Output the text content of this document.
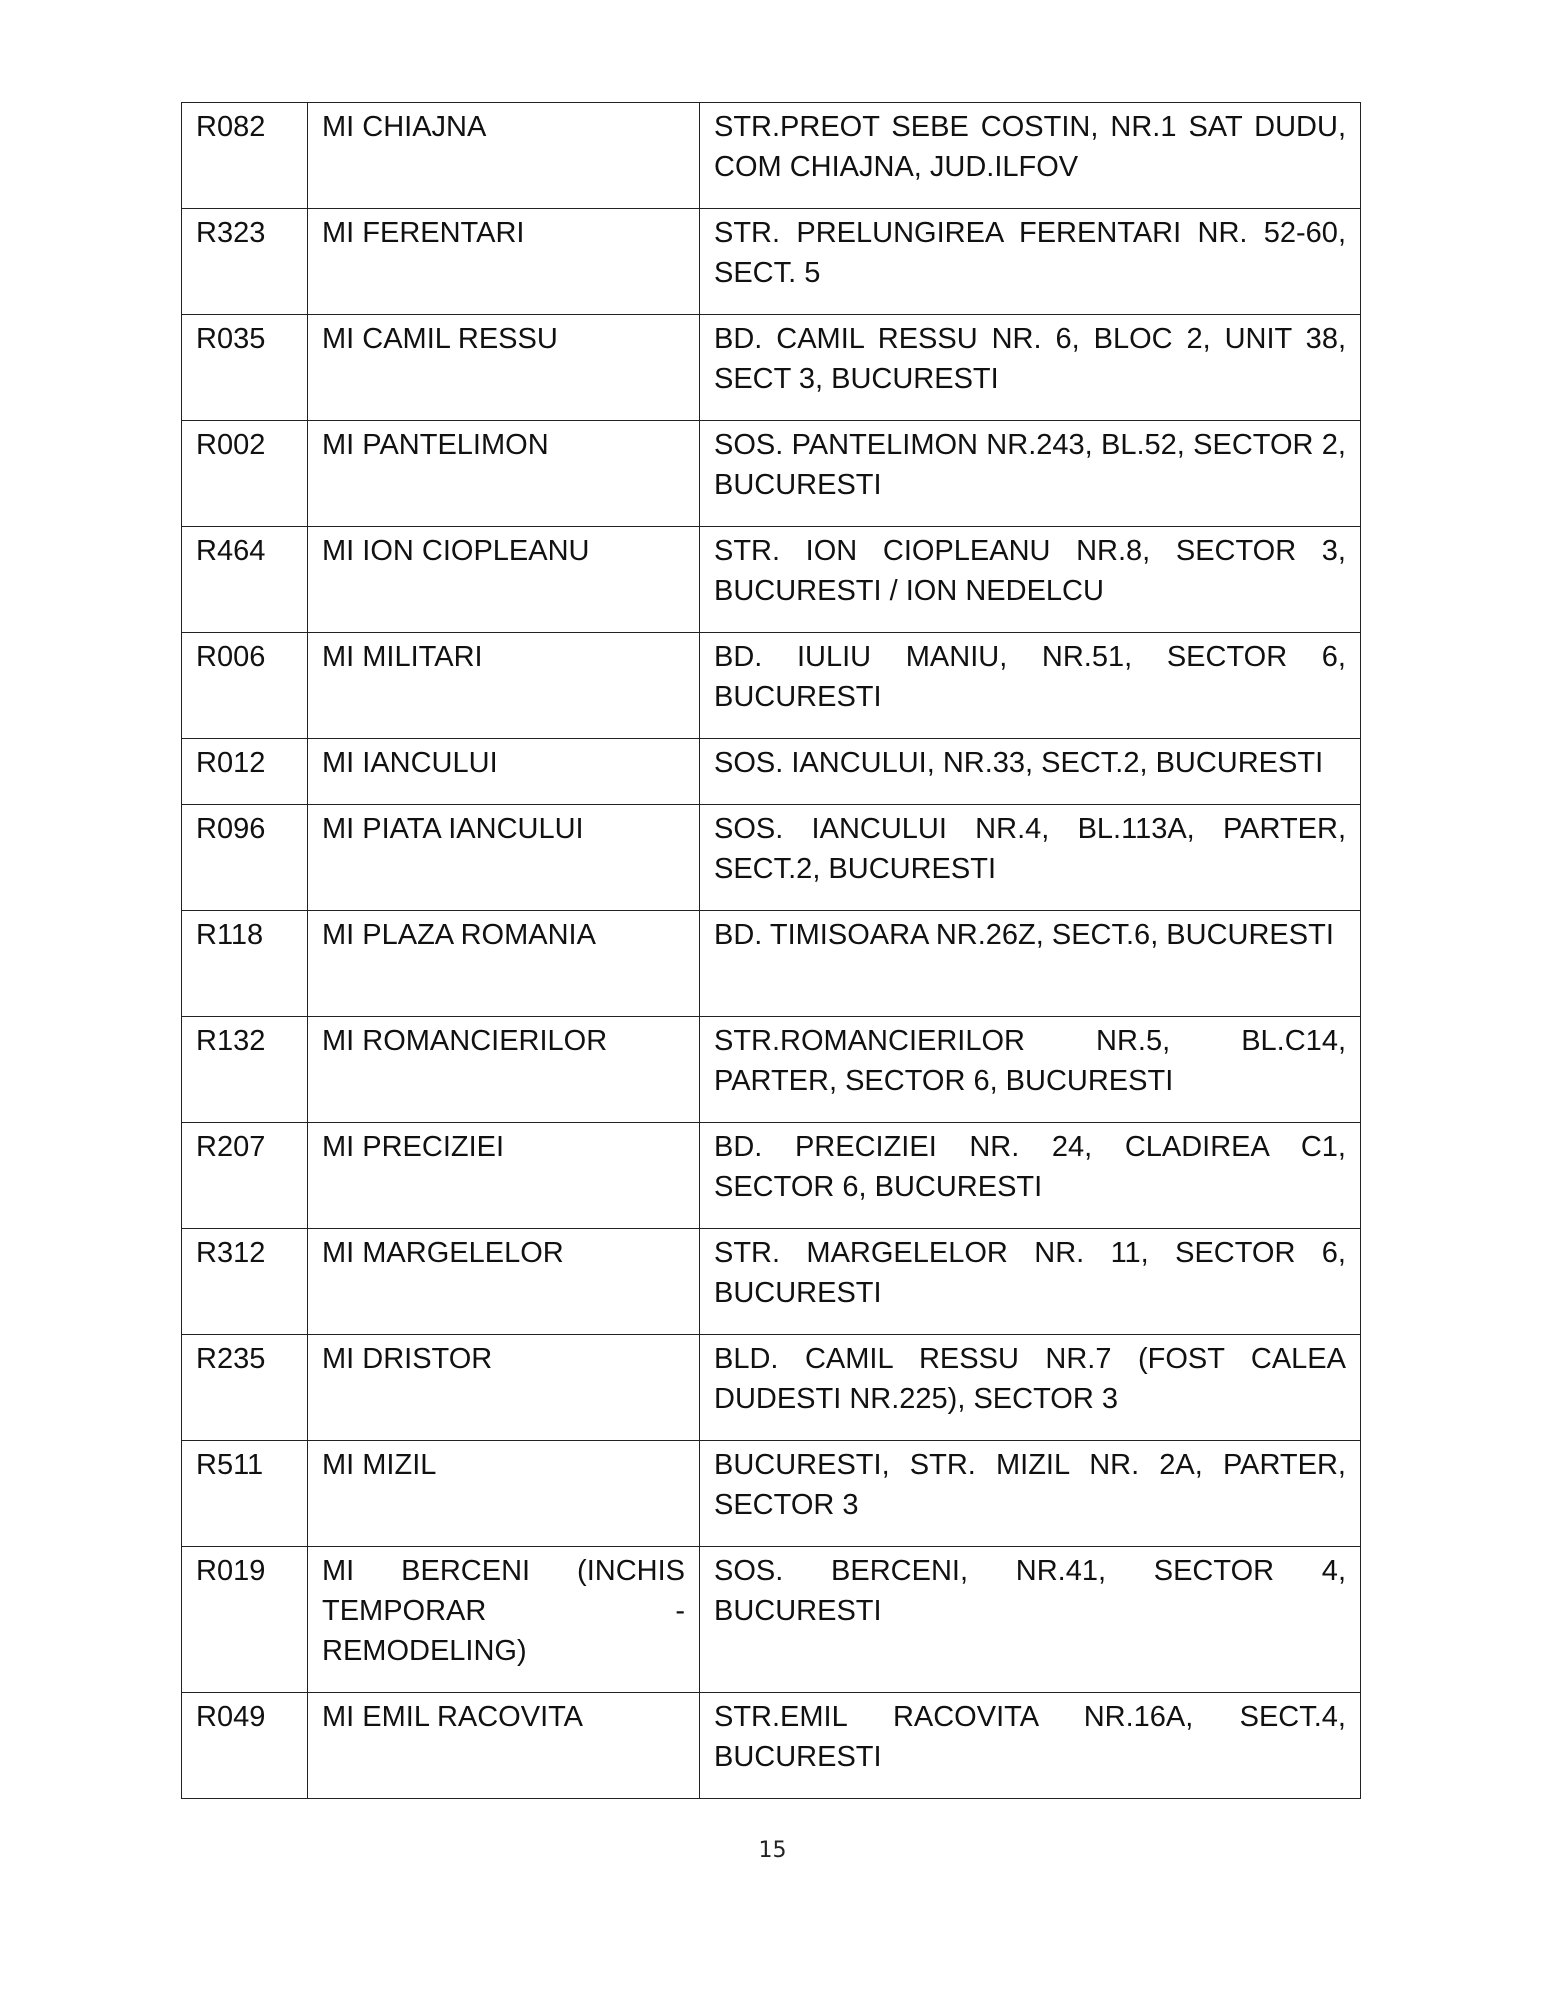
R082	MI CHIAJNA	STR.PREOT SEBE COSTIN, NR.1 SAT DUDU, COM CHIAJNA, JUD.ILFOV
R323	MI FERENTARI	STR. PRELUNGIREA FERENTARI NR. 52-60, SECT. 5
R035	MI CAMIL RESSU	BD. CAMIL RESSU NR. 6, BLOC 2, UNIT 38, SECT 3, BUCURESTI
R002	MI PANTELIMON	SOS. PANTELIMON NR.243, BL.52, SECTOR 2, BUCURESTI
R464	MI ION CIOPLEANU	STR. ION CIOPLEANU NR.8, SECTOR 3, BUCURESTI / ION NEDELCU
R006	MI MILITARI	BD. IULIU MANIU, NR.51, SECTOR 6, BUCURESTI
R012	MI IANCULUI	SOS. IANCULUI, NR.33, SECT.2, BUCURESTI
R096	MI PIATA IANCULUI	SOS. IANCULUI NR.4, BL.113A, PARTER, SECT.2, BUCURESTI
R118	MI PLAZA ROMANIA	BD. TIMISOARA NR.26Z, SECT.6, BUCURESTI
R132	MI ROMANCIERILOR	STR.ROMANCIERILOR NR.5, BL.C14, PARTER, SECTOR 6, BUCURESTI
R207	MI PRECIZIEI	BD. PRECIZIEI NR. 24, CLADIREA C1, SECTOR 6, BUCURESTI
R312	MI MARGELELOR	STR. MARGELELOR NR. 11, SECTOR 6, BUCURESTI
R235	MI DRISTOR	BLD. CAMIL RESSU NR.7 (FOST CALEA DUDESTI NR.225), SECTOR 3
R511	MI MIZIL	BUCURESTI, STR. MIZIL NR. 2A, PARTER, SECTOR 3
R019	MI BERCENI (INCHIS TEMPORAR - REMODELING)	SOS. BERCENI, NR.41, SECTOR 4, BUCURESTI
R049	MI EMIL RACOVITA	STR.EMIL RACOVITA NR.16A, SECT.4, BUCURESTI
15
